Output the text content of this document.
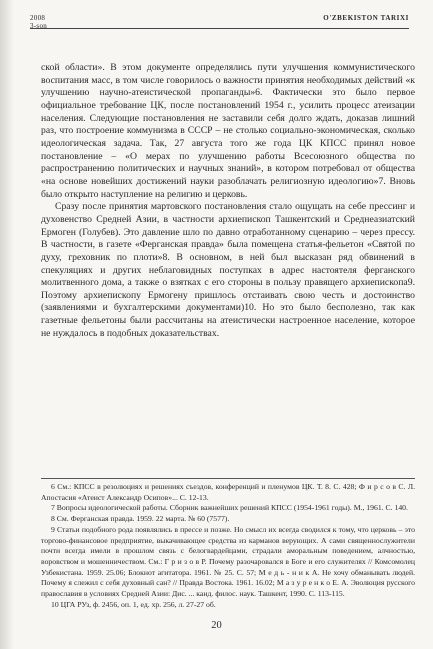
2008
3-son
O'ZBEKISTON TARIXI

ской области». В этом документе определялись пути улучшения коммунистического воспитания масс, в том числе говорилось о важности принятия необходимых действий «к улучшению научно-атеистической пропаганды»6. Фактически это было первое официальное требование ЦК, после постановлений 1954 г., усилить процесс атеизации населения. Следующие постановления не заставили себя долго ждать, доказав лишний раз, что построение коммунизма в СССР – не столько социально-экономическая, сколько идеологическая задача. Так, 27 августа того же года ЦК КПСС принял новое постановление – «О мерах по улучшению работы Всесоюзного общества по распространению политических и научных знаний», в котором потребовал от общества «на основе новейших достижений науки разоблачать религиозную идеологию»7. Вновь было открыто наступление на религию и церковь.

Сразу после принятия мартовского постановления стало ощущать на себе прессинг и духовенство Средней Азии, в частности архиепископ Ташкентский и Среднеазиатский Ермоген (Голубев). Это давление шло по давно отработанному сценарию – через прессу. В частности, в газете «Ферганская правда» была помещена статья-фельетон «Святой по духу, греховник по плоти»8. В основном, в ней был высказан ряд обвинений в спекуляциях и других неблаговидных поступках в адрес настоятеля ферганского молитвенного дома, а также о взятках с его стороны в пользу правящего архиепископа9. Поэтому архиепископу Ермогену пришлось отстаивать свою честь и достоинство (заявлениями и бухгалтерскими документами)10. Но это было бесполезно, так как газетные фельетоны были рассчитаны на атеистически настроенное население, которое не нуждалось в подобных доказательствах.

6 См.: КПСС в резолюциях и решениях съездов, конференций и пленумов ЦК. Т. 8. С. 428; Ф и р с о в С. Л. Апостасия «Атеист Александр Осипов»... С. 12-13.

7 Вопросы идеологической работы. Сборник важнейших решений КПСС (1954-1961 годы). М., 1961. С. 140.

8 См. Ферганская правда. 1959. 22 марта. № 60 (7577).

9 Статьи подобного рода появлялись в прессе и позже. Но смысл их всегда сводился к тому, что церковь – это торгово-финансовое предприятие, выкачивающее средства из карманов верующих. А сами священнослужители почти всегда имели в прошлом связь с белогвардейцами, страдали аморальным поведением, алчностью, воровством и мошенничеством. См.: Г р и з о в Р. Почему разочаровался в Боге и его служителях // Комсомолец Узбекистана. 1959. 25.06; Блокнот агитатора. 1961. № 25. С. 57; М е д ь - н и к А. Не хочу обманывать людей. Почему я слежил с себя духовный сан? // Правда Востока. 1961. 16.02; М а з у р е н к о Е. А. Эволюция русского православия в условиях Средней Азии: Дис. ... канд. филос. наук. Ташкент, 1990. С. 113-115.

10 ЦГА РУз, ф. 2456, оп. 1, ед. хр. 256, л. 27-27 об.

20
